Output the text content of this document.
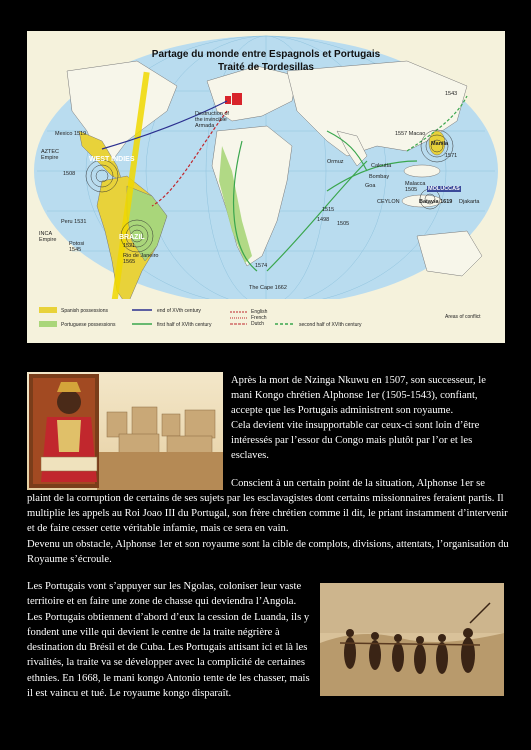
Partage du monde entre Espagnols et Portugais
Traité de Tordesillas
Mexico 1519
AZTEC Empire	WEST INDIES
1508
INCA Empire
Peru 1531
Potosi 1545
BRAZIL
1521
Rio de Janeiro 1565
Destruction of the invincible Armada
1543
1557 Macao
Manila
1571
Ormuz
Calcutta
Bombay
Goa
CEYLON
Malacca 1505	MOLUCCAS
Batavia 1619 Djakarta
1515
1498
1505
1574
The Cape 1662
Spanish possessions
Portuguese possessions
end of XVth century
first half of XVIth century
English
French
Dutch	second half of XVIth century
Areas of conflict
Après la mort de Nzinga Nkuwu en 1507, son successeur, le mani Kongo chrétien Alphonse 1er (1505-1543), confiant, accepte que les Portugais administrent son royaume.
Cela devient vite insupportable car ceux-ci sont loin d’être intéressés par l’essor du Congo mais plutôt par l’or et les esclaves.
Conscient à un certain point de la situation, Alphonse 1er se
plaint de la corruption de certains de ses sujets par les esclavagistes dont certains missionnaires feraient partis. Il multiplie les appels au Roi Joao III du Portugal, son frère chrétien comme il dit, le priant instamment d’intervenir et de faire cesser cette véritable infamie, mais ce sera en vain.
Devenu un obstacle, Alphonse 1er et son royaume sont la cible de complots, divisions, attentats, l’organisation du Royaume s’écroule.
Les Portugais vont s’appuyer sur les Ngolas, coloniser leur vaste territoire et en faire une zone de chasse qui deviendra l’Angola. Les Portugais obtiennent d’abord d’eux la cession de Luanda, ils y fondent une ville qui devient le centre de la traite négrière à destination du Brésil et de Cuba. Les Portugais attisant ici et là les rivalités, la traite va se développer avec la complicité de certaines ethnies. En 1668, le mani kongo Antonio tente de les chasser, mais il est vaincu et tué. Le royaume kongo disparaît.
